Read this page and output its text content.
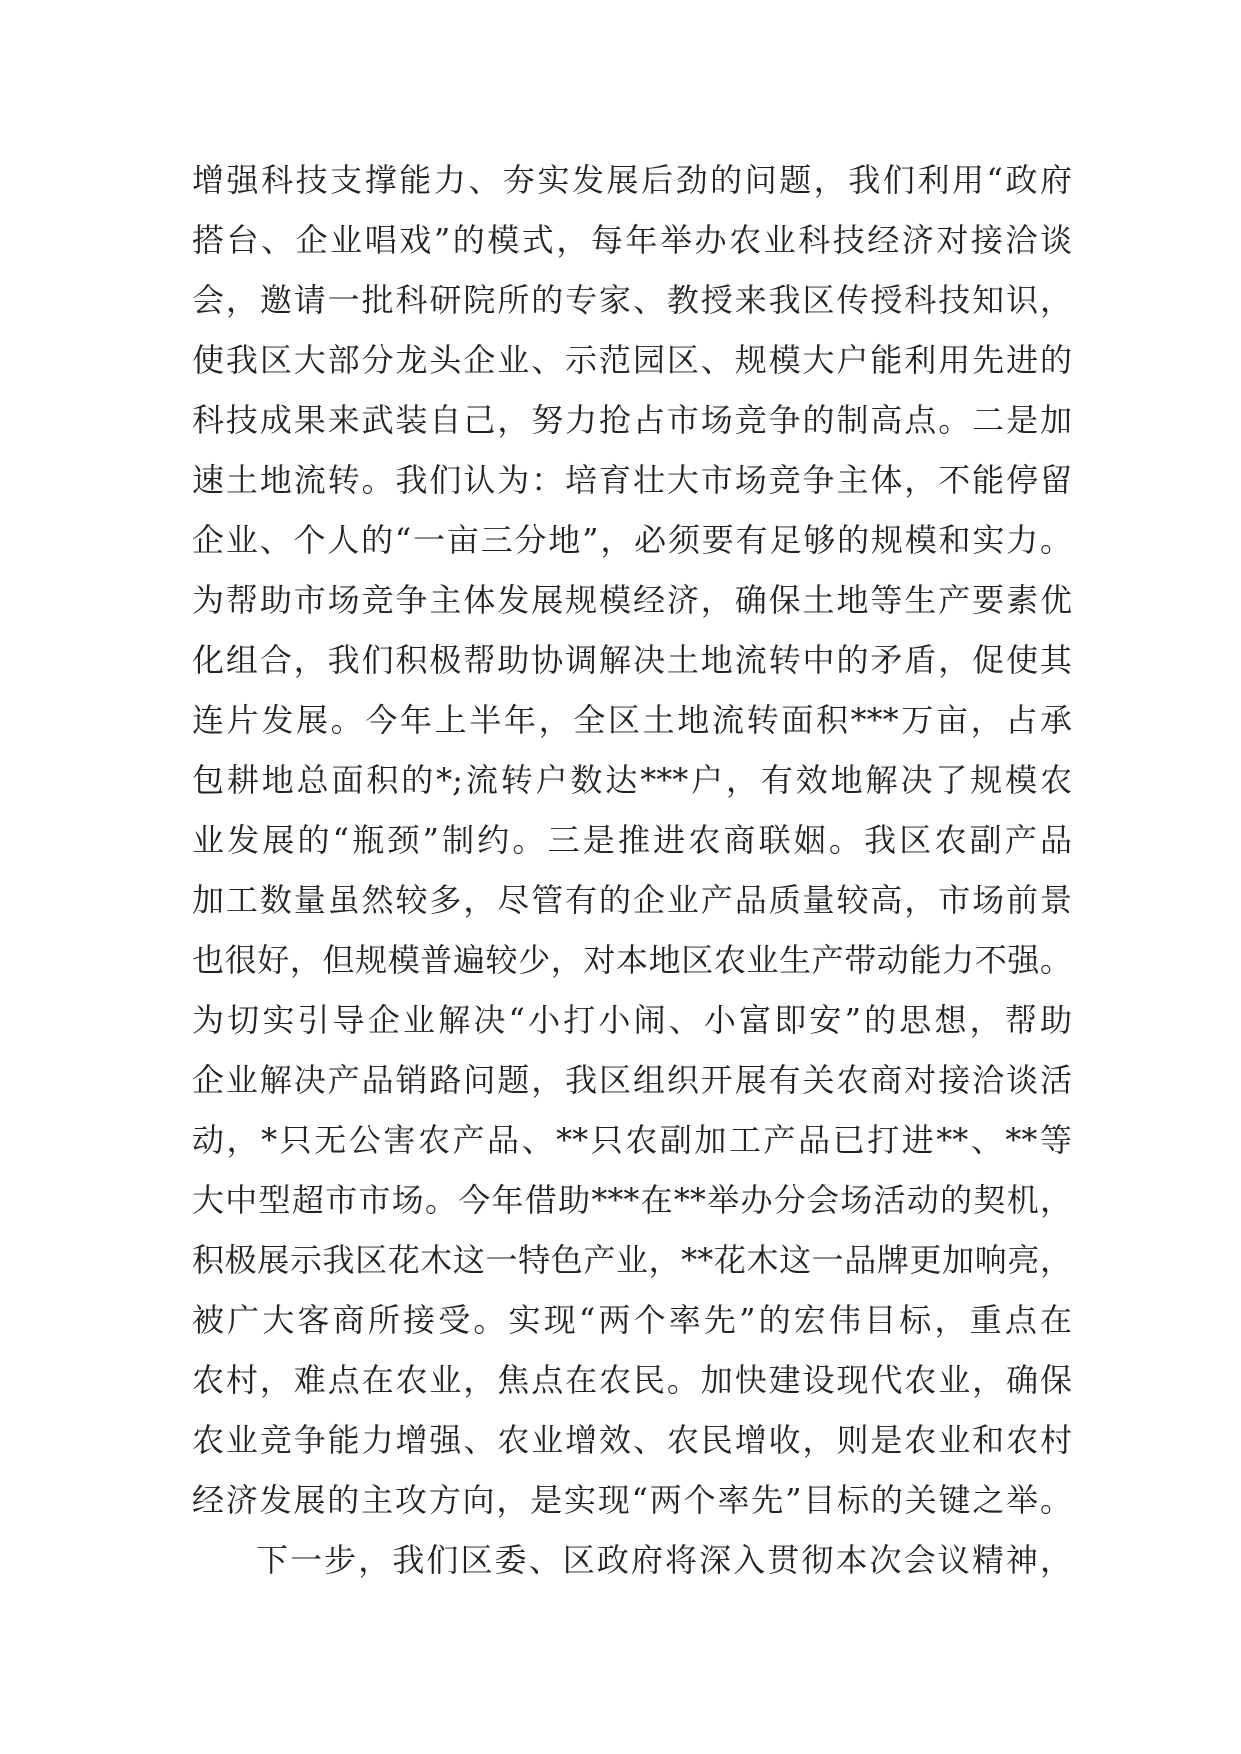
增强科技支撑能力、夯实发展后劲的问题，我们利用“政府
搭台、企业唱戏”的模式，每年举办农业科技经济对接洽谈
会，邀请一批科研院所的专家、教授来我区传授科技知识，
使我区大部分龙头企业、示范园区、规模大户能利用先进的
科技成果来武装自己，努力抢占市场竞争的制高点。二是加
速土地流转。我们认为：培育壮大市场竞争主体，不能停留
企业、个人的“一亩三分地”，必须要有足够的规模和实力。
为帮助市场竞争主体发展规模经济，确保土地等生产要素优
化组合，我们积极帮助协调解决土地流转中的矛盾，促使其
连片发展。今年上半年，全区土地流转面积***万亩，占承
包耕地总面积的*;流转户数达***户，有效地解决了规模农
业发展的“瓶颈”制约。三是推进农商联姻。我区农副产品
加工数量虽然较多，尽管有的企业产品质量较高，市场前景
也很好，但规模普遍较少，对本地区农业生产带动能力不强。
为切实引导企业解决“小打小闹、小富即安”的思想，帮助
企业解决产品销路问题，我区组织开展有关农商对接洽谈活
动，*只无公害农产品、**只农副加工产品已打进**、**等
大中型超市市场。今年借助***在**举办分会场活动的契机，
积极展示我区花木这一特色产业，**花木这一品牌更加响亮，
被广大客商所接受。实现“两个率先”的宏伟目标，重点在
农村，难点在农业，焦点在农民。加快建设现代农业，确保
农业竞争能力增强、农业增效、农民增收，则是农业和农村
经济发展的主攻方向，是实现“两个率先”目标的关键之举。
下一步，我们区委、区政府将深入贯彻本次会议精神，
